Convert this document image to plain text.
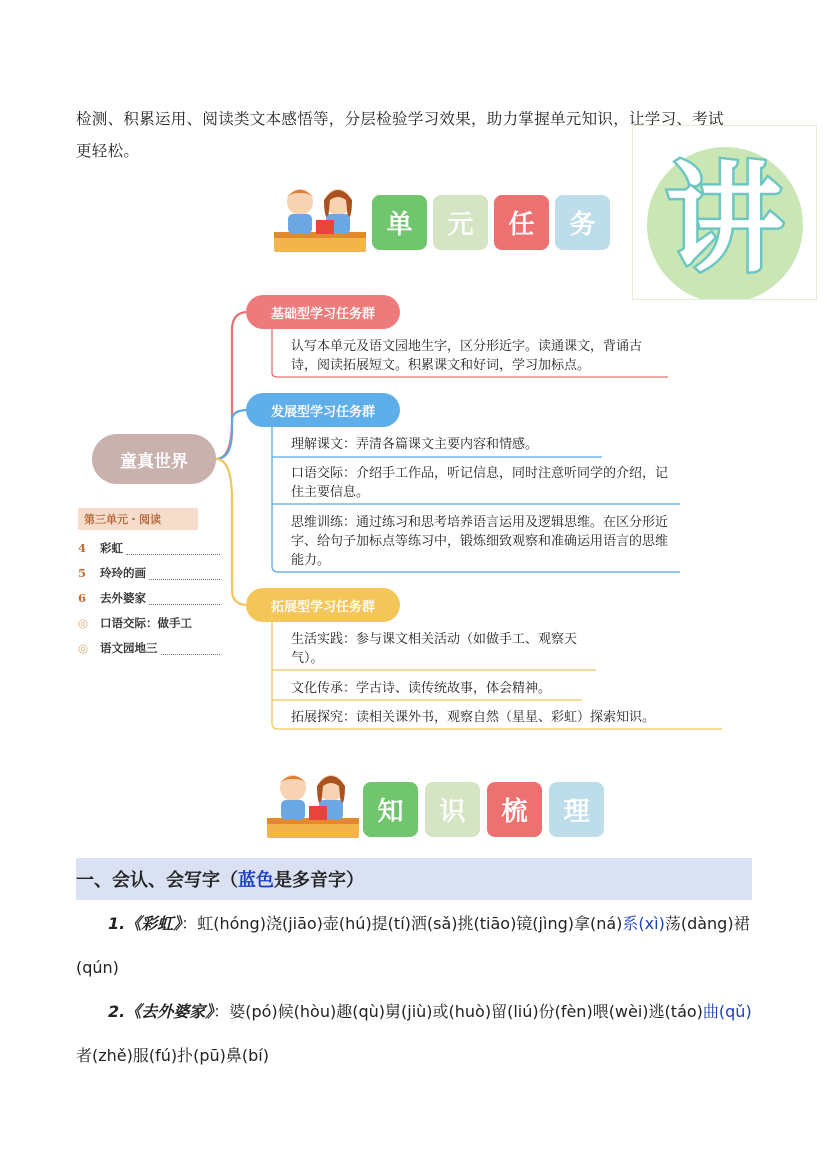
检测、积累运用、阅读类文本感悟等，分层检验学习效果，助力掌握单元知识，让学习、考试
更轻松。	讲
单	元	任	务
童真世界
基础型学习任务群
发展型学习任务群
拓展型学习任务群
认写本单元及语文园地生字，区分形近字。读通课文，背诵古诗，阅读拓展短文。积累课文和好词，学习加标点。
理解课文：弄清各篇课文主要内容和情感。
口语交际：介绍手工作品，听记信息，同时注意听同学的介绍，记住主要信息。
思维训练：通过练习和思考培养语言运用及逻辑思维。在区分形近字、给句子加标点等练习中，锻炼细致观察和准确运用语言的思维能力。
生活实践：参与课文相关活动（如做手工、观察天气）。
文化传承：学古诗、读传统故事，体会精神。
拓展探究：读相关课外书，观察自然（星星、彩虹）探索知识。
第三单元・阅读
4	彩虹
5	玲玲的画
6	去外婆家
◎	口语交际：做手工
◎	语文园地三
知	识	梳	理
一、会认、会写字（ 蓝色 是多音字）
1.《彩虹》：虹(hóng)浇(jiāo)壶(hú)提(tí)洒(sǎ)挑(tiāo)镜(jìng)拿(ná)系(xì)荡(dàng)裙(qún)
2.《去外婆家》：婆(pó)候(hòu)趣(qù)舅(jiù)或(huò)留(liú)份(fèn)喂(wèi)逃(táo)曲(qǔ)者(zhě)服(fú)扑(pū)鼻(bí)
